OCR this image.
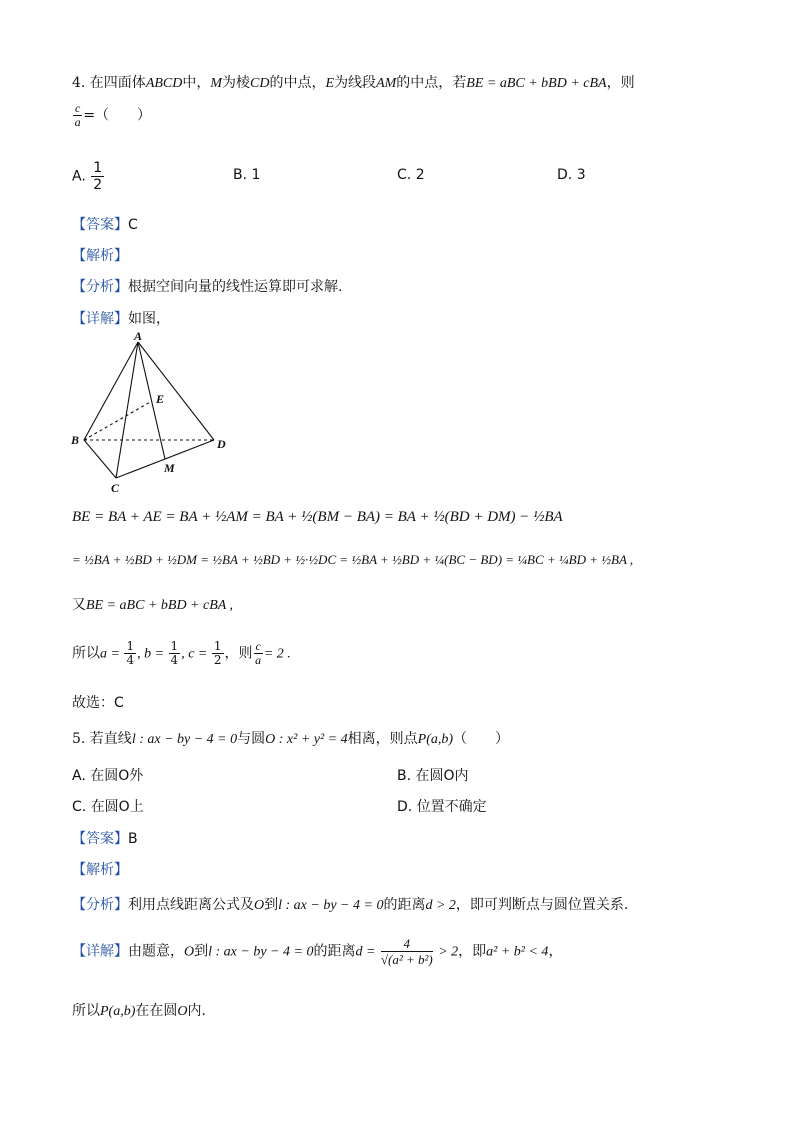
4. 在四面体ABCD中，M为棱CD的中点，E为线段AM的中点，若BE = aBC + bBD + cBA，则
$\frac{c}{a}$ =（　　）
A. $\frac{1}{2}$	B. 1	C. 2	D. 3
【答案】C
【解析】
【分析】根据空间向量的线性运算即可求解.
【详解】如图，
A
B
C
D
E
M
BE = BA + AE = BA + ½AM = BA + ½(BM − BA) = BA + ½(BD + DM) − ½BA
= ½BA + ½BD + ½DM = ½BA + ½BD + ½·½DC = ½BA + ½BD + ¼(BC − BD) = ¼BC + ¼BD + ½BA ,
又BE = aBC + bBD + cBA ,
所以$a = \frac{1}{4}$ , $b = \frac{1}{4}$ , $c = \frac{1}{2}$ ，则 $\frac{c}{a} = 2$ .
故选：C
5. 若直线l : ax − by − 4 = 0与圆O : x² + y² = 4相离，则点P(a,b)（　　）
A. 在圆O外	B. 在圆O内
C. 在圆O上	D. 位置不确定
【答案】B
【解析】
【分析】利用点线距离公式及O到l : ax − by − 4 = 0的距离d > 2，即可判断点与圆位置关系.
【详解】由题意，O到l : ax − by − 4 = 0的距离$d = \frac{4}{\text{√(a² + b²)}} > 2$，即a² + b² < 4，
所以P(a,b)在在圆O内.
